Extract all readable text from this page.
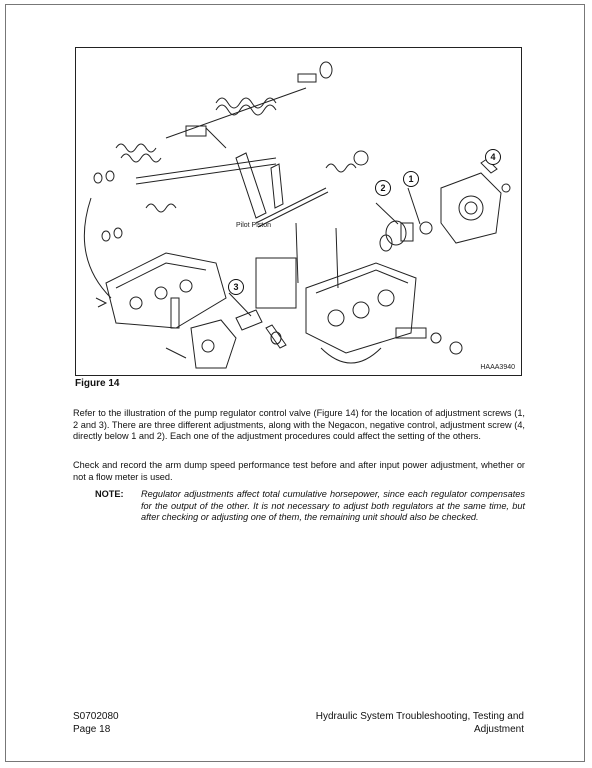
Pilot Piston
2
1
4
3
HAAA3940
Figure 14

Refer to the illustration of the pump regulator control valve (Figure 14) for the location of adjustment screws (1, 2 and 3). There are three different adjustments, along with the Negacon, negative control, adjustment screw (4, directly below 1 and 2). Each one of the adjustment procedures could affect the setting of the others.

Check and record the arm dump speed performance test before and after input power adjustment, whether or not a flow meter is used.

NOTE: Regulator adjustments affect total cumulative horsepower, since each regulator compensates for the output of the other. It is not necessary to adjust both regulators at the same time, but after checking or adjusting one of them, the remaining unit should also be checked.

S0702080
Page 18
Hydraulic System Troubleshooting, Testing and
Adjustment
